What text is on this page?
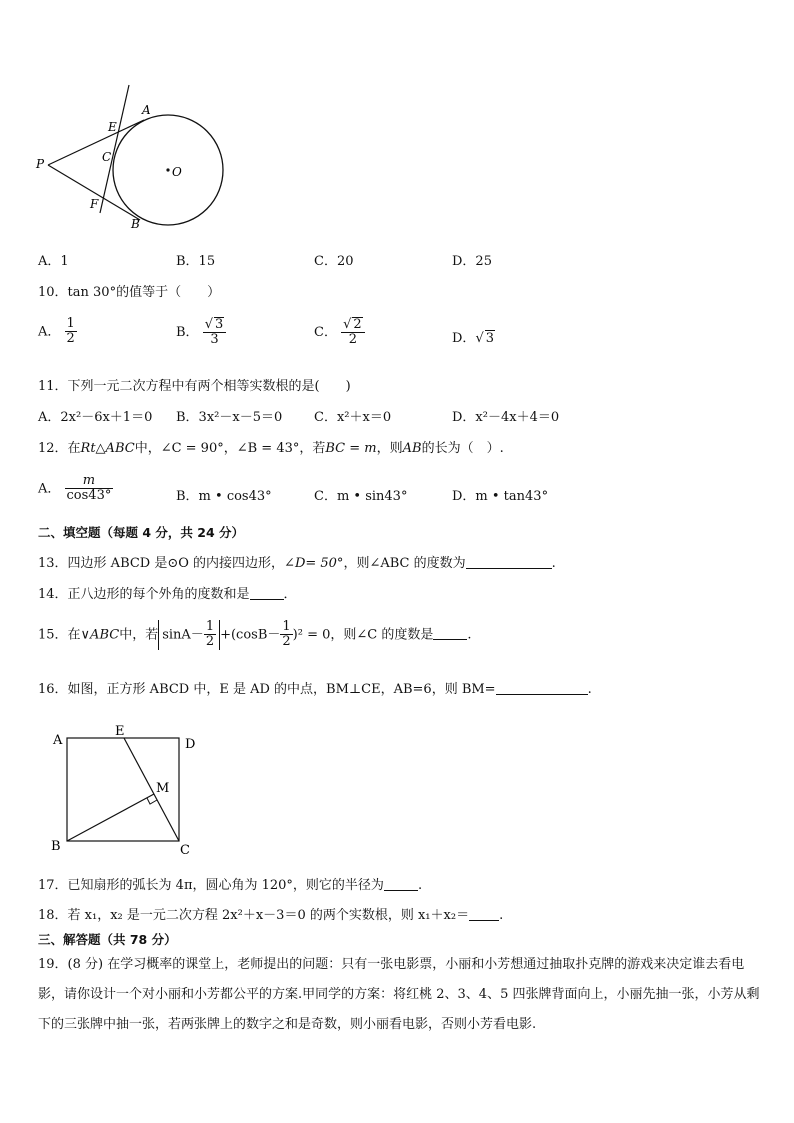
A
E
C
P
O
F
B
A．1	B．15	C．20	D．25
10．tan 30°的值等于（　　）
A． $\frac{1}{2}$	B． $\frac{√ 3}{3}$	C． $\frac{√ 2}{2}$	D．√ 3
11．下列一元二次方程中有两个相等实数根的是(　　)
A．2x²－6x＋1＝0 B．3x²－x－5＝0 C．x²＋x＝0	D．x²－4x＋4＝0
12．在Rt△ABC中，∠C = 90°，∠B = 43°，若BC = m，则AB的长为（　）.
A． $\frac{m}{\cos 43^\circ}$	B．m • cos43°	C．m • sin43°	D．m • tan43°
二、填空题（每题 4 分，共 24 分）
13．四边形 ABCD 是⊙O 的内接四边形，∠D= 50°，则∠ABC 的度数为	.
14．正八边形的每个外角的度数和是	．
15．在∨ABC中，若 $\sin A- \frac{1}{2} +(\cos B- \frac{1}{2} )^2 = 0$，则∠C 的度数是	.
16．如图，正方形 ABCD 中，E 是 AD 的中点，BM⊥CE，AB=6，则 BM=	.
A
E
D
M
B	C
17．已知扇形的弧长为 4π，圆心角为 120°，则它的半径为	.
18．若 x₁，x₂ 是一元二次方程 2x²＋x－3＝0 的两个实数根，则 x₁＋x₂＝ .
三、解答题（共 78 分）
19．(8 分) 在学习概率的课堂上，老师提出的问题：只有一张电影票，小丽和小芳想通过抽取扑克牌的游戏来决定谁去看电影，请你设计一个对小丽和小芳都公平的方案.甲同学的方案：将红桃 2、3、4、5 四张牌背面向上，小丽先抽一张，小芳从剩下的三张牌中抽一张，若两张牌上的数字之和是奇数，则小丽看电影，否则小芳看电影.
